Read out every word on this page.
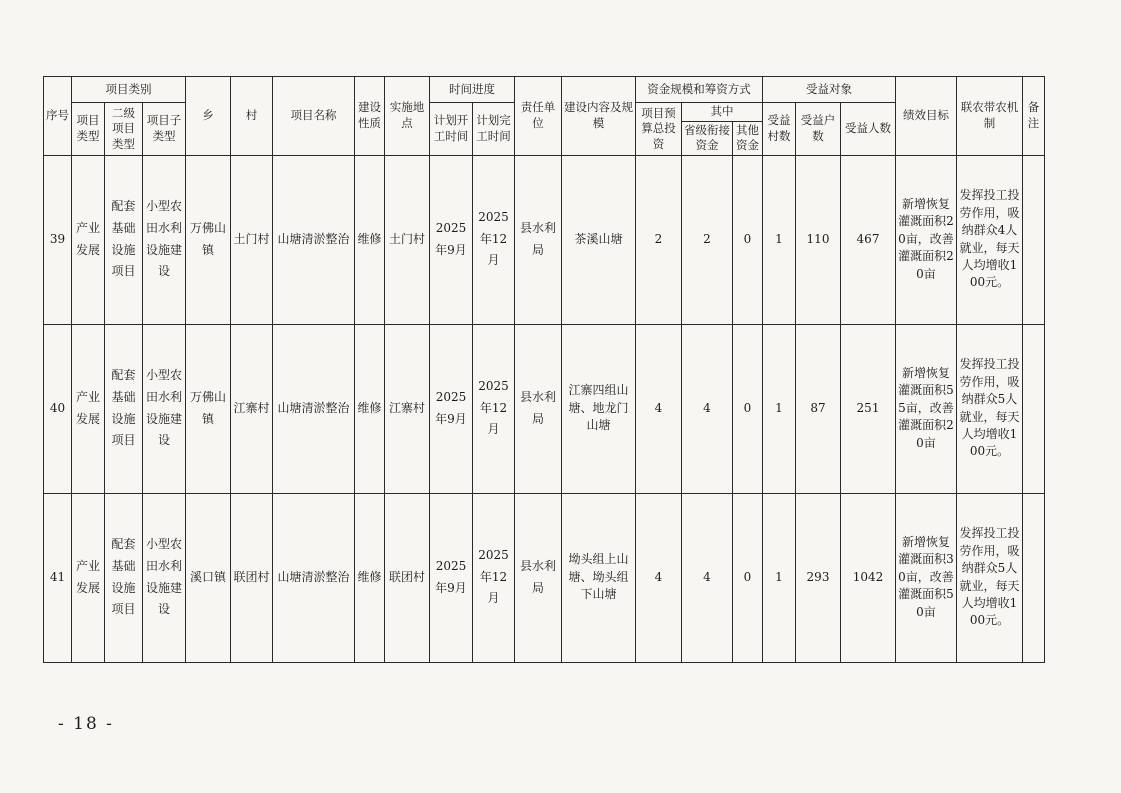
序号	项目类别			乡	村	项目名称	建设性质	实施地点	时间进度		责任单位	建设内容及规模	资金规模和筹资方式			受益对象			绩效目标	联农带农机制	备注
	项目类型	二级项目类型	项目子类型						计划开工时间	计划完工时间			项目预算总投资	其中		受益村数	受益户数	受益人数			
														省级衔接资金	其他资金						
39	产业发展	配套基础设施项目	小型农田水利设施建设	万佛山镇	土门村	山塘清淤整治	维修	土门村	2025年9月	2025年12月	县水利局	茶溪山塘	2	2	0	1	110	467	新增恢复灌溉面积20亩，改善灌溉面积20亩	发挥投工投劳作用，吸纳群众4人就业，每天人均增收100元。	
40	产业发展	配套基础设施项目	小型农田水利设施建设	万佛山镇	江寨村	山塘清淤整治	维修	江寨村	2025年9月	2025年12月	县水利局	江寨四组山塘、地龙门山塘	4	4	0	1	87	251	新增恢复灌溉面积55亩，改善灌溉面积20亩	发挥投工投劳作用，吸纳群众5人就业，每天人均增收100元。	
41	产业发展	配套基础设施项目	小型农田水利设施建设	溪口镇	联团村	山塘清淤整治	维修	联团村	2025年9月	2025年12月	县水利局	坳头组上山塘、坳头组下山塘	4	4	0	1	293	1042	新增恢复灌溉面积30亩，改善灌溉面积50亩	发挥投工投劳作用，吸纳群众5人就业，每天人均增收100元。	
- 18 -
